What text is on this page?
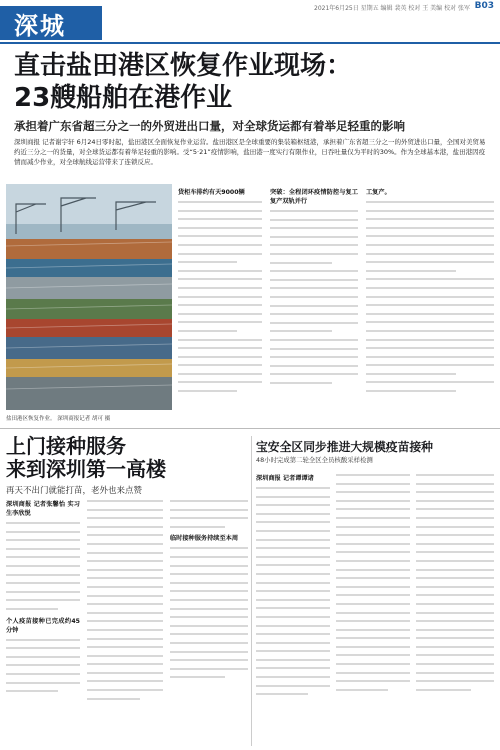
深城
2021年6月25日 星期五 编辑 裴英 校对 王 美编 校对 张军 B03
直击盐田港区恢复作业现场：
23艘船舶在港作业
承担着广东省超三分之一的外贸进出口量，对全球货运都有着举足轻重的影响
深圳商报 记者谢宇轩 6月24日零时起，盐田港区全面恢复作业运营。盐田港区是全球重要的集装箱枢纽港，承担着广东省超三分之一的外贸进出口量，全国对美贸易约近三分之一的货量，对全球货运都有着举足轻重的影响。受“5·21”疫情影响，盐田港一度实行有限作业，日吞吐量仅为平时的30%。作为全球基本港，盐田港因疫情而减少作业，对全球航线运营带来了连锁反应。
盐田港区恢复作业。 深圳商报记者 胡可 摄
货柜车排约有天9000辆	突破：全程闭环疫情防控与复工复产双轨并行
工复产。
上门接种服务
来到深圳第一高楼
再天不出门就能打苗，老外也来点赞
深圳商报 记者张馨怡 实习生李欣悦
个人疫苗接种已完成约45分钟
临时接种服务持续至本周
宝安全区同步推进大规模疫苗接种
48小时完成第二轮全区全员核酸采样检测
深圳商报 记者谭谭诸
